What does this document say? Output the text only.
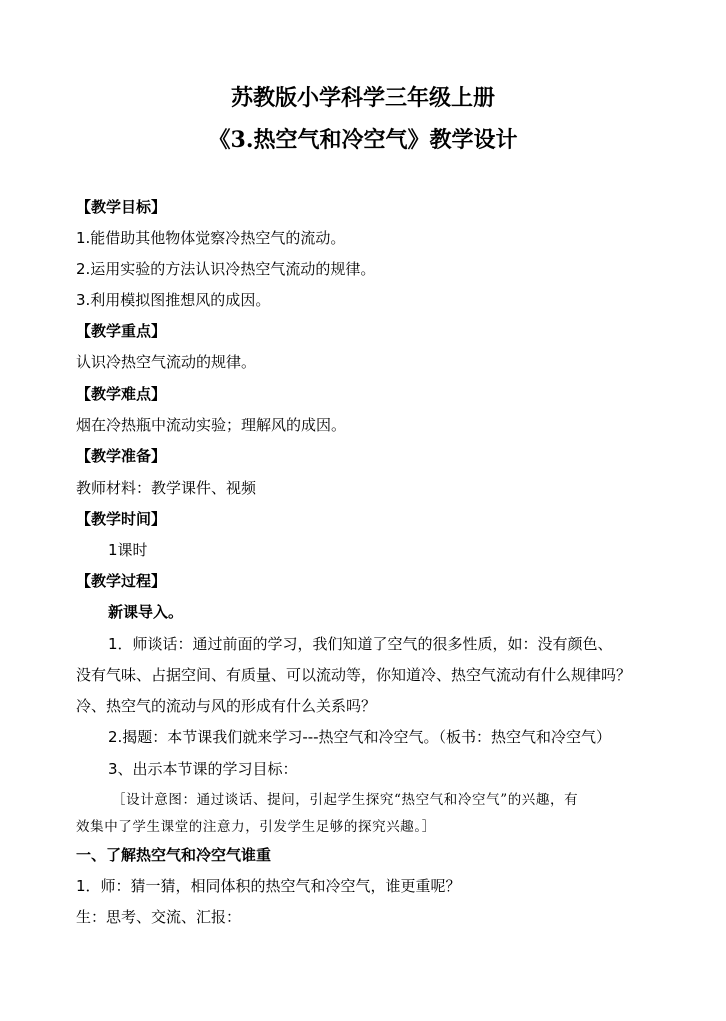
苏教版小学科学三年级上册
《3.热空气和冷空气》教学设计
【教学目标】
1.能借助其他物体觉察冷热空气的流动。
2.运用实验的方法认识冷热空气流动的规律。
3.利用模拟图推想风的成因。
【教学重点】
认识冷热空气流动的规律。
【教学难点】
烟在冷热瓶中流动实验；理解风的成因。
【教学准备】
教师材料：教学课件、视频
【教学时间】
1课时
【教学过程】
新课导入。
1．师谈话：通过前面的学习，我们知道了空气的很多性质，如：没有颜色、
没有气味、占据空间、有质量、可以流动等，你知道冷、热空气流动有什么规律吗？
冷、热空气的流动与风的形成有什么关系吗？
2.揭题：本节课我们就来学习---热空气和冷空气。（板书：热空气和冷空气）
3、出示本节课的学习目标：
［设计意图：通过谈话、提问，引起学生探究“热空气和冷空气”的兴趣，有
效集中了学生课堂的注意力，引发学生足够的探究兴趣。］
一、了解热空气和冷空气谁重
1．师：猜一猜，相同体积的热空气和冷空气，谁更重呢？
生：思考、交流、汇报：
